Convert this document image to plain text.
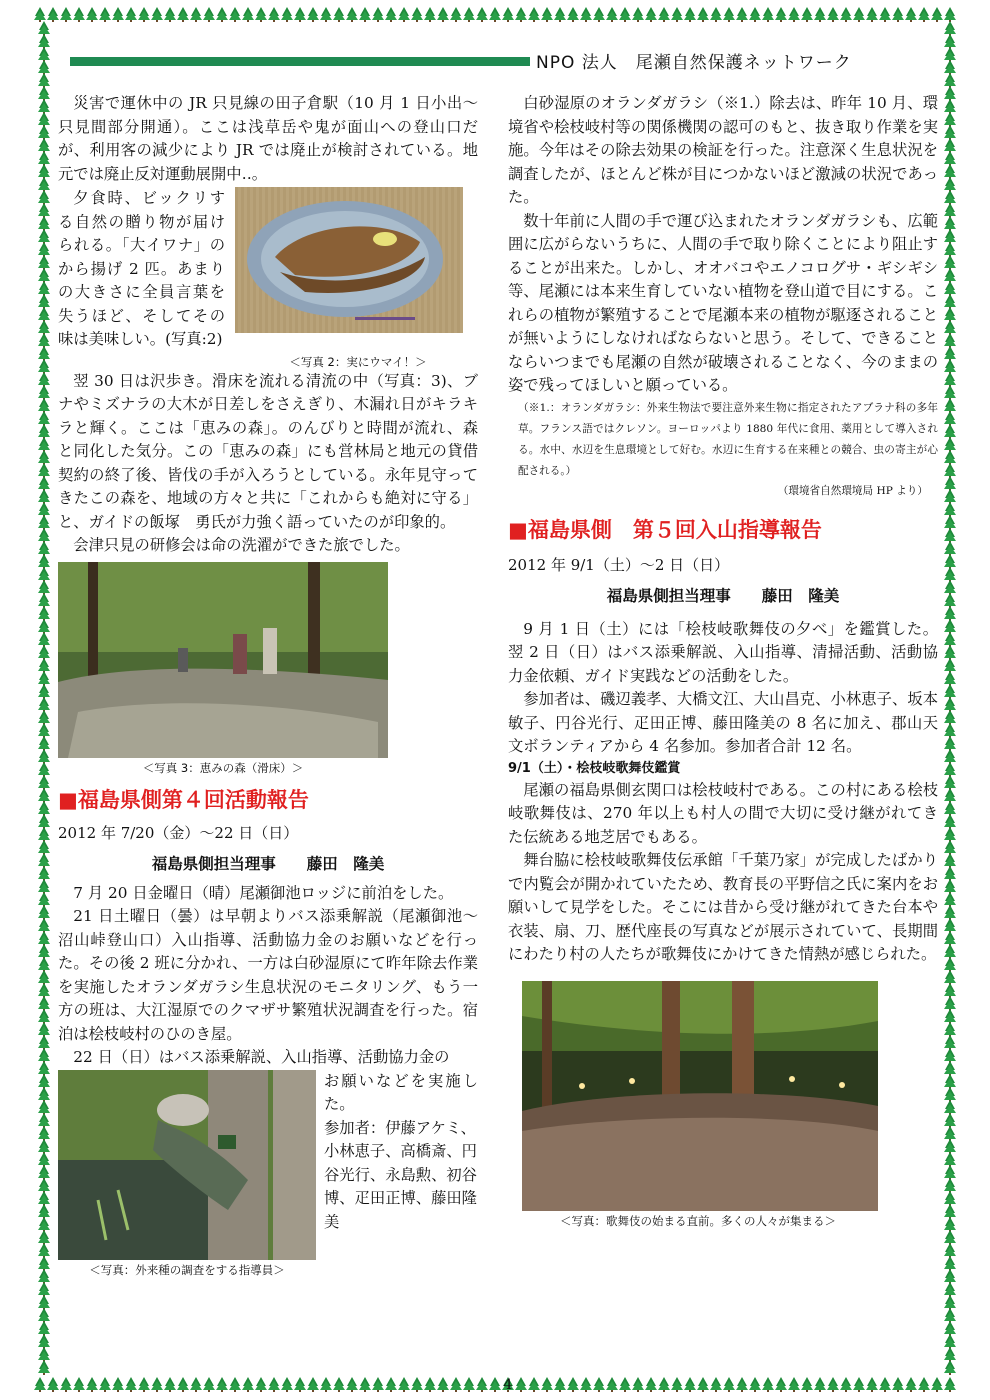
NPO 法人　尾瀬自然保護ネットワーク

災害で運休中の JR 只見線の田子倉駅（10 月 1 日小出〜只見間部分開通）。ここは浅草岳や鬼が面山への登山口だが、利用客の減少により JR では廃止が検討されている。地元では廃止反対運動展開中‥。

夕食時、ビックリする自然の贈り物が届けられる。「大イワナ」のから揚げ 2 匹。あまりの大きさに全員言葉を失うほど、そしてその味は美味しい。(写真:2)

＜写真 2：実にウマイ！＞

翌 30 日は沢歩き。滑床を流れる清流の中（写真：3)、ブナやミズナラの大木が日差しをさえぎり、木漏れ日がキラキラと輝く。ここは「恵みの森」。のんびりと時間が流れ、森と同化した気分。この「恵みの森」にも営林局と地元の貸借契約の終了後、皆伐の手が入ろうとしている。永年見守ってきたこの森を、地域の方々と共に「これからも絶対に守る」と、ガイドの飯塚　勇氏が力強く語っていたのが印象的。

会津只見の研修会は命の洗濯ができた旅でした。

＜写真 3：恵みの森（滑床）＞
■福島県側第４回活動報告
2012 年 7/20（金）〜22 日（日）
福島県側担当理事　　藤田　隆美

7 月 20 日金曜日（晴）尾瀬御池ロッジに前泊をした。

21 日土曜日（曇）は早朝よりバス添乗解説（尾瀬御池〜沼山峠登山口）入山指導、活動協力金のお願いなどを行った。その後 2 班に分かれ、一方は白砂湿原にて昨年除去作業を実施したオランダガラシ生息状況のモニタリング、もう一方の班は、大江湿原でのクマザサ繁殖状況調査を行った。宿泊は桧枝岐村のひのき屋。

22 日（日）はバス添乗解説、入山指導、活動協力金の

＜写真：外来種の調査をする指導員＞

お願いなどを実施した。

参加者：伊藤アケミ、小林恵子、高橋斎、円谷光行、永島勲、初谷博、疋田正博、藤田隆美

白砂湿原のオランダガラシ（※1.）除去は、昨年 10 月、環境省や桧枝岐村等の関係機関の認可のもと、抜き取り作業を実施。今年はその除去効果の検証を行った。注意深く生息状況を調査したが、ほとんど株が目につかないほど激減の状況であった。

数十年前に人間の手で運び込まれたオランダガラシも、広範囲に広がらないうちに、人間の手で取り除くことにより阻止することが出来た。しかし、オオバコやエノコログサ・ギシギシ等、尾瀬には本来生育していない植物を登山道で目にする。これらの植物が繁殖することで尾瀬本来の植物が駆逐されることが無いようにしなければならないと思う。そして、できることならいつまでも尾瀬の自然が破壊されることなく、今のままの姿で残ってほしいと願っている。

（※1.：オランダガラシ：外来生物法で要注意外来生物に指定されたアブラナ科の多年草。フランス語ではクレソン。ヨーロッパより 1880 年代に食用、薬用として導入される。水中、水辺を生息環境として好む。水辺に生育する在来種との競合、虫の寄主が心配される。）

（環境省自然環境局 HP より）

■福島県側　第５回入山指導報告
2012 年 9/1（土）〜2 日（日）
福島県側担当理事　　藤田　隆美

9 月 1 日（土）には「桧枝岐歌舞伎の夕べ」を鑑賞した。翌 2 日（日）はバス添乗解説、入山指導、清掃活動、活動協力金依頼、ガイド実践などの活動をした。

参加者は、磯辺義孝、大橋文江、大山昌克、小林恵子、坂本敏子、円谷光行、疋田正博、藤田隆美の 8 名に加え、郡山天文ボランティアから 4 名参加。参加者合計 12 名。

9/1（土）・桧枝岐歌舞伎鑑賞

尾瀬の福島県側玄関口は桧枝岐村である。この村にある桧枝岐歌舞伎は、270 年以上も村人の間で大切に受け継がれてきた伝統ある地芝居でもある。

舞台脇に桧枝岐歌舞伎伝承館「千葉乃家」が完成したばかりで内覧会が開かれていたため、教育長の平野信之氏に案内をお願いして見学をした。そこには昔から受け継がれてきた台本や衣装、扇、刀、歴代座長の写真などが展示されていて、長期間にわたり村の人たちが歌舞伎にかけてきた情熱が感じられた。

＜写真：歌舞伎の始まる直前。多くの人々が集まる＞
4
